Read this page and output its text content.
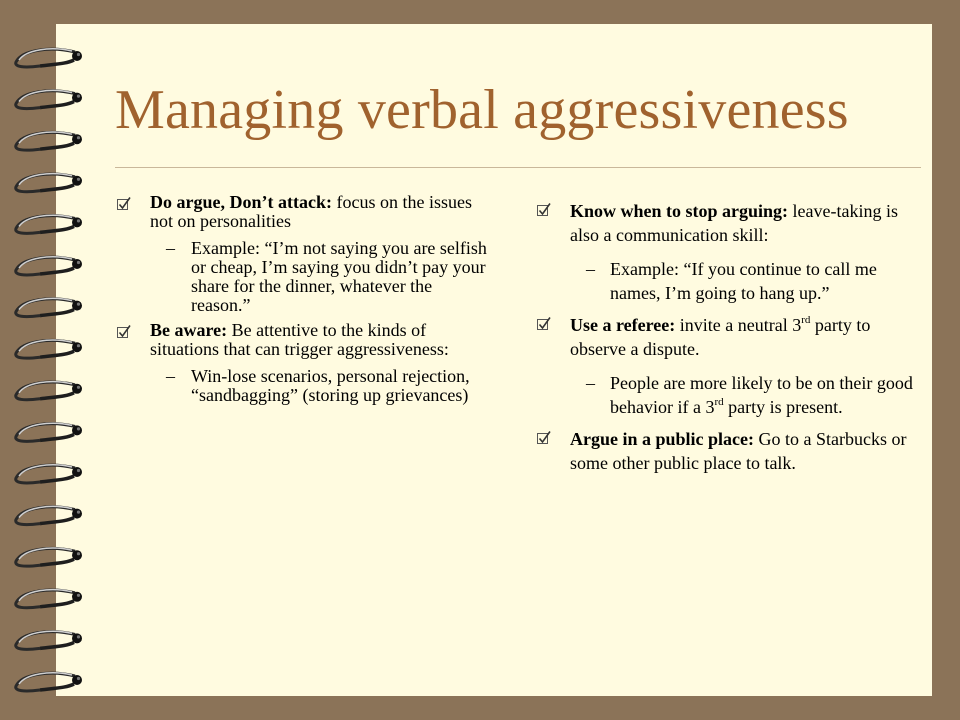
Managing verbal aggressiveness
Do argue, Don’t attack: focus on the issues not on personalities
– Example: “I’m not saying you are selfish or cheap, I’m saying you didn’t pay your share for the dinner, whatever the reason.”
Be aware: Be attentive to the kinds of situations that can trigger aggressiveness:
– Win-lose scenarios, personal rejection, “sandbagging” (storing up grievances)
Know when to stop arguing: leave-taking is also a communication skill:
– Example: “If you continue to call me names, I’m going to hang up.”
Use a referee: invite a neutral 3rd party to observe a dispute.
– People are more likely to be on their good behavior if a 3rd party is present.
Argue in a public place: Go to a Starbucks or some other public place to talk.
